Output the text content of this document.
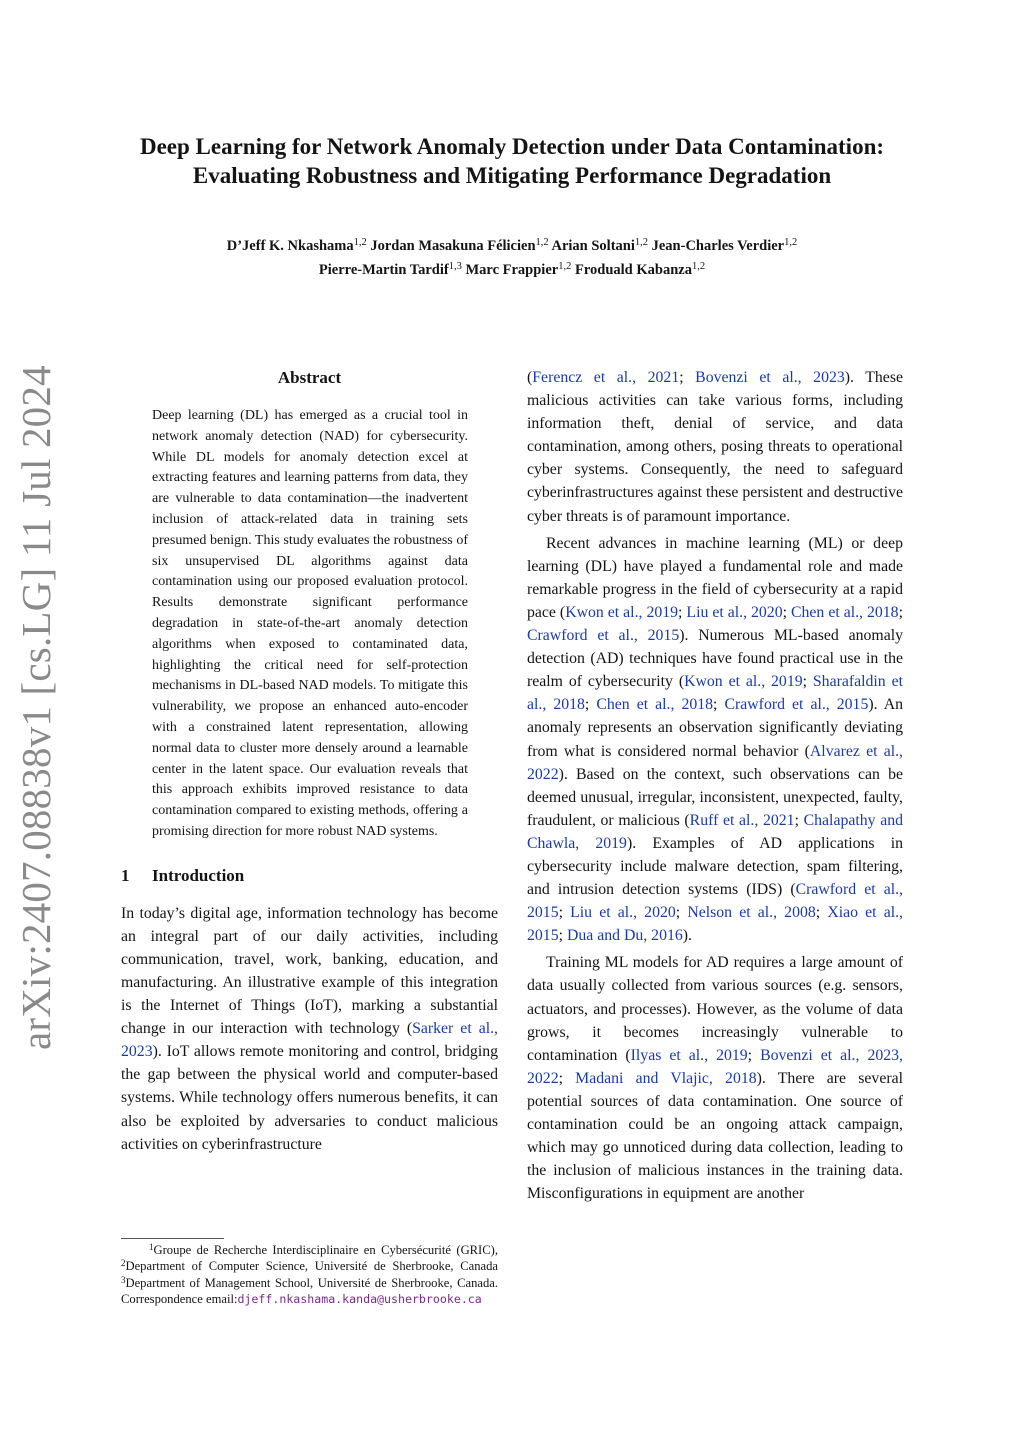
arXiv:2407.08838v1 [cs.LG] 11 Jul 2024
Deep Learning for Network Anomaly Detection under Data Contamination:
Evaluating Robustness and Mitigating Performance Degradation
D’Jeff K. Nkashama$^{1,2}$ Jordan Masakuna Félicien$^{1,2}$ Arian Soltani$^{1,2}$ Jean-Charles Verdier$^{1,2}$
Pierre-Martin Tardif$^{1,3}$ Marc Frappier$^{1,2}$ Froduald Kabanza$^{1,2}$
Abstract

Deep learning (DL) has emerged as a crucial tool in network anomaly detection (NAD) for cybersecurity. While DL models for anomaly detection excel at extracting features and learning patterns from data, they are vulnerable to data contamination—the inadvertent inclusion of attack-related data in training sets presumed benign. This study evaluates the robustness of six unsupervised DL algorithms against data contamination using our proposed evaluation protocol. Results demonstrate significant performance degradation in state-of-the-art anomaly detection algorithms when exposed to contaminated data, highlighting the critical need for self-protection mechanisms in DL-based NAD models. To mitigate this vulnerability, we propose an enhanced auto-encoder with a constrained latent representation, allowing normal data to cluster more densely around a learnable center in the latent space. Our evaluation reveals that this approach exhibits improved resistance to data contamination compared to existing methods, offering a promising direction for more robust NAD systems.

1 Introduction

In today’s digital age, information technology has become an integral part of our daily activities, including communication, travel, work, banking, education, and manufacturing. An illustrative example of this integration is the Internet of Things (IoT), marking a substantial change in our interaction with technology (Sarker et al., 2023). IoT allows remote monitoring and control, bridging the gap between the physical world and computer-based systems. While technology offers numerous benefits, it can also be exploited by adversaries to conduct malicious activities on cyberinfrastructure

$^1$Groupe de Recherche Interdisciplinaire en Cybersécurité (GRIC), $^2$Department of Computer Science, Université de Sherbrooke, Canada $^3$Department of Management School, Université de Sherbrooke, Canada. Correspondence email:djeff.nkashama.kanda@usherbrooke.ca

(Ferencz et al., 2021; Bovenzi et al., 2023). These malicious activities can take various forms, including information theft, denial of service, and data contamination, among others, posing threats to operational cyber systems. Consequently, the need to safeguard cyberinfrastructures against these persistent and destructive cyber threats is of paramount importance.

Recent advances in machine learning (ML) or deep learning (DL) have played a fundamental role and made remarkable progress in the field of cybersecurity at a rapid pace (Kwon et al., 2019; Liu et al., 2020; Chen et al., 2018; Crawford et al., 2015). Numerous ML-based anomaly detection (AD) techniques have found practical use in the realm of cybersecurity (Kwon et al., 2019; Sharafaldin et al., 2018; Chen et al., 2018; Crawford et al., 2015). An anomaly represents an observation significantly deviating from what is considered normal behavior (Alvarez et al., 2022). Based on the context, such observations can be deemed unusual, irregular, inconsistent, unexpected, faulty, fraudulent, or malicious (Ruff et al., 2021; Chalapathy and Chawla, 2019). Examples of AD applications in cybersecurity include malware detection, spam filtering, and intrusion detection systems (IDS) (Crawford et al., 2015; Liu et al., 2020; Nelson et al., 2008; Xiao et al., 2015; Dua and Du, 2016).

Training ML models for AD requires a large amount of data usually collected from various sources (e.g. sensors, actuators, and processes). However, as the volume of data grows, it becomes increasingly vulnerable to contamination (Ilyas et al., 2019; Bovenzi et al., 2023, 2022; Madani and Vlajic, 2018). There are several potential sources of data contamination. One source of contamination could be an ongoing attack campaign, which may go unnoticed during data collection, leading to the inclusion of malicious instances in the training data. Misconfigurations in equipment are another
